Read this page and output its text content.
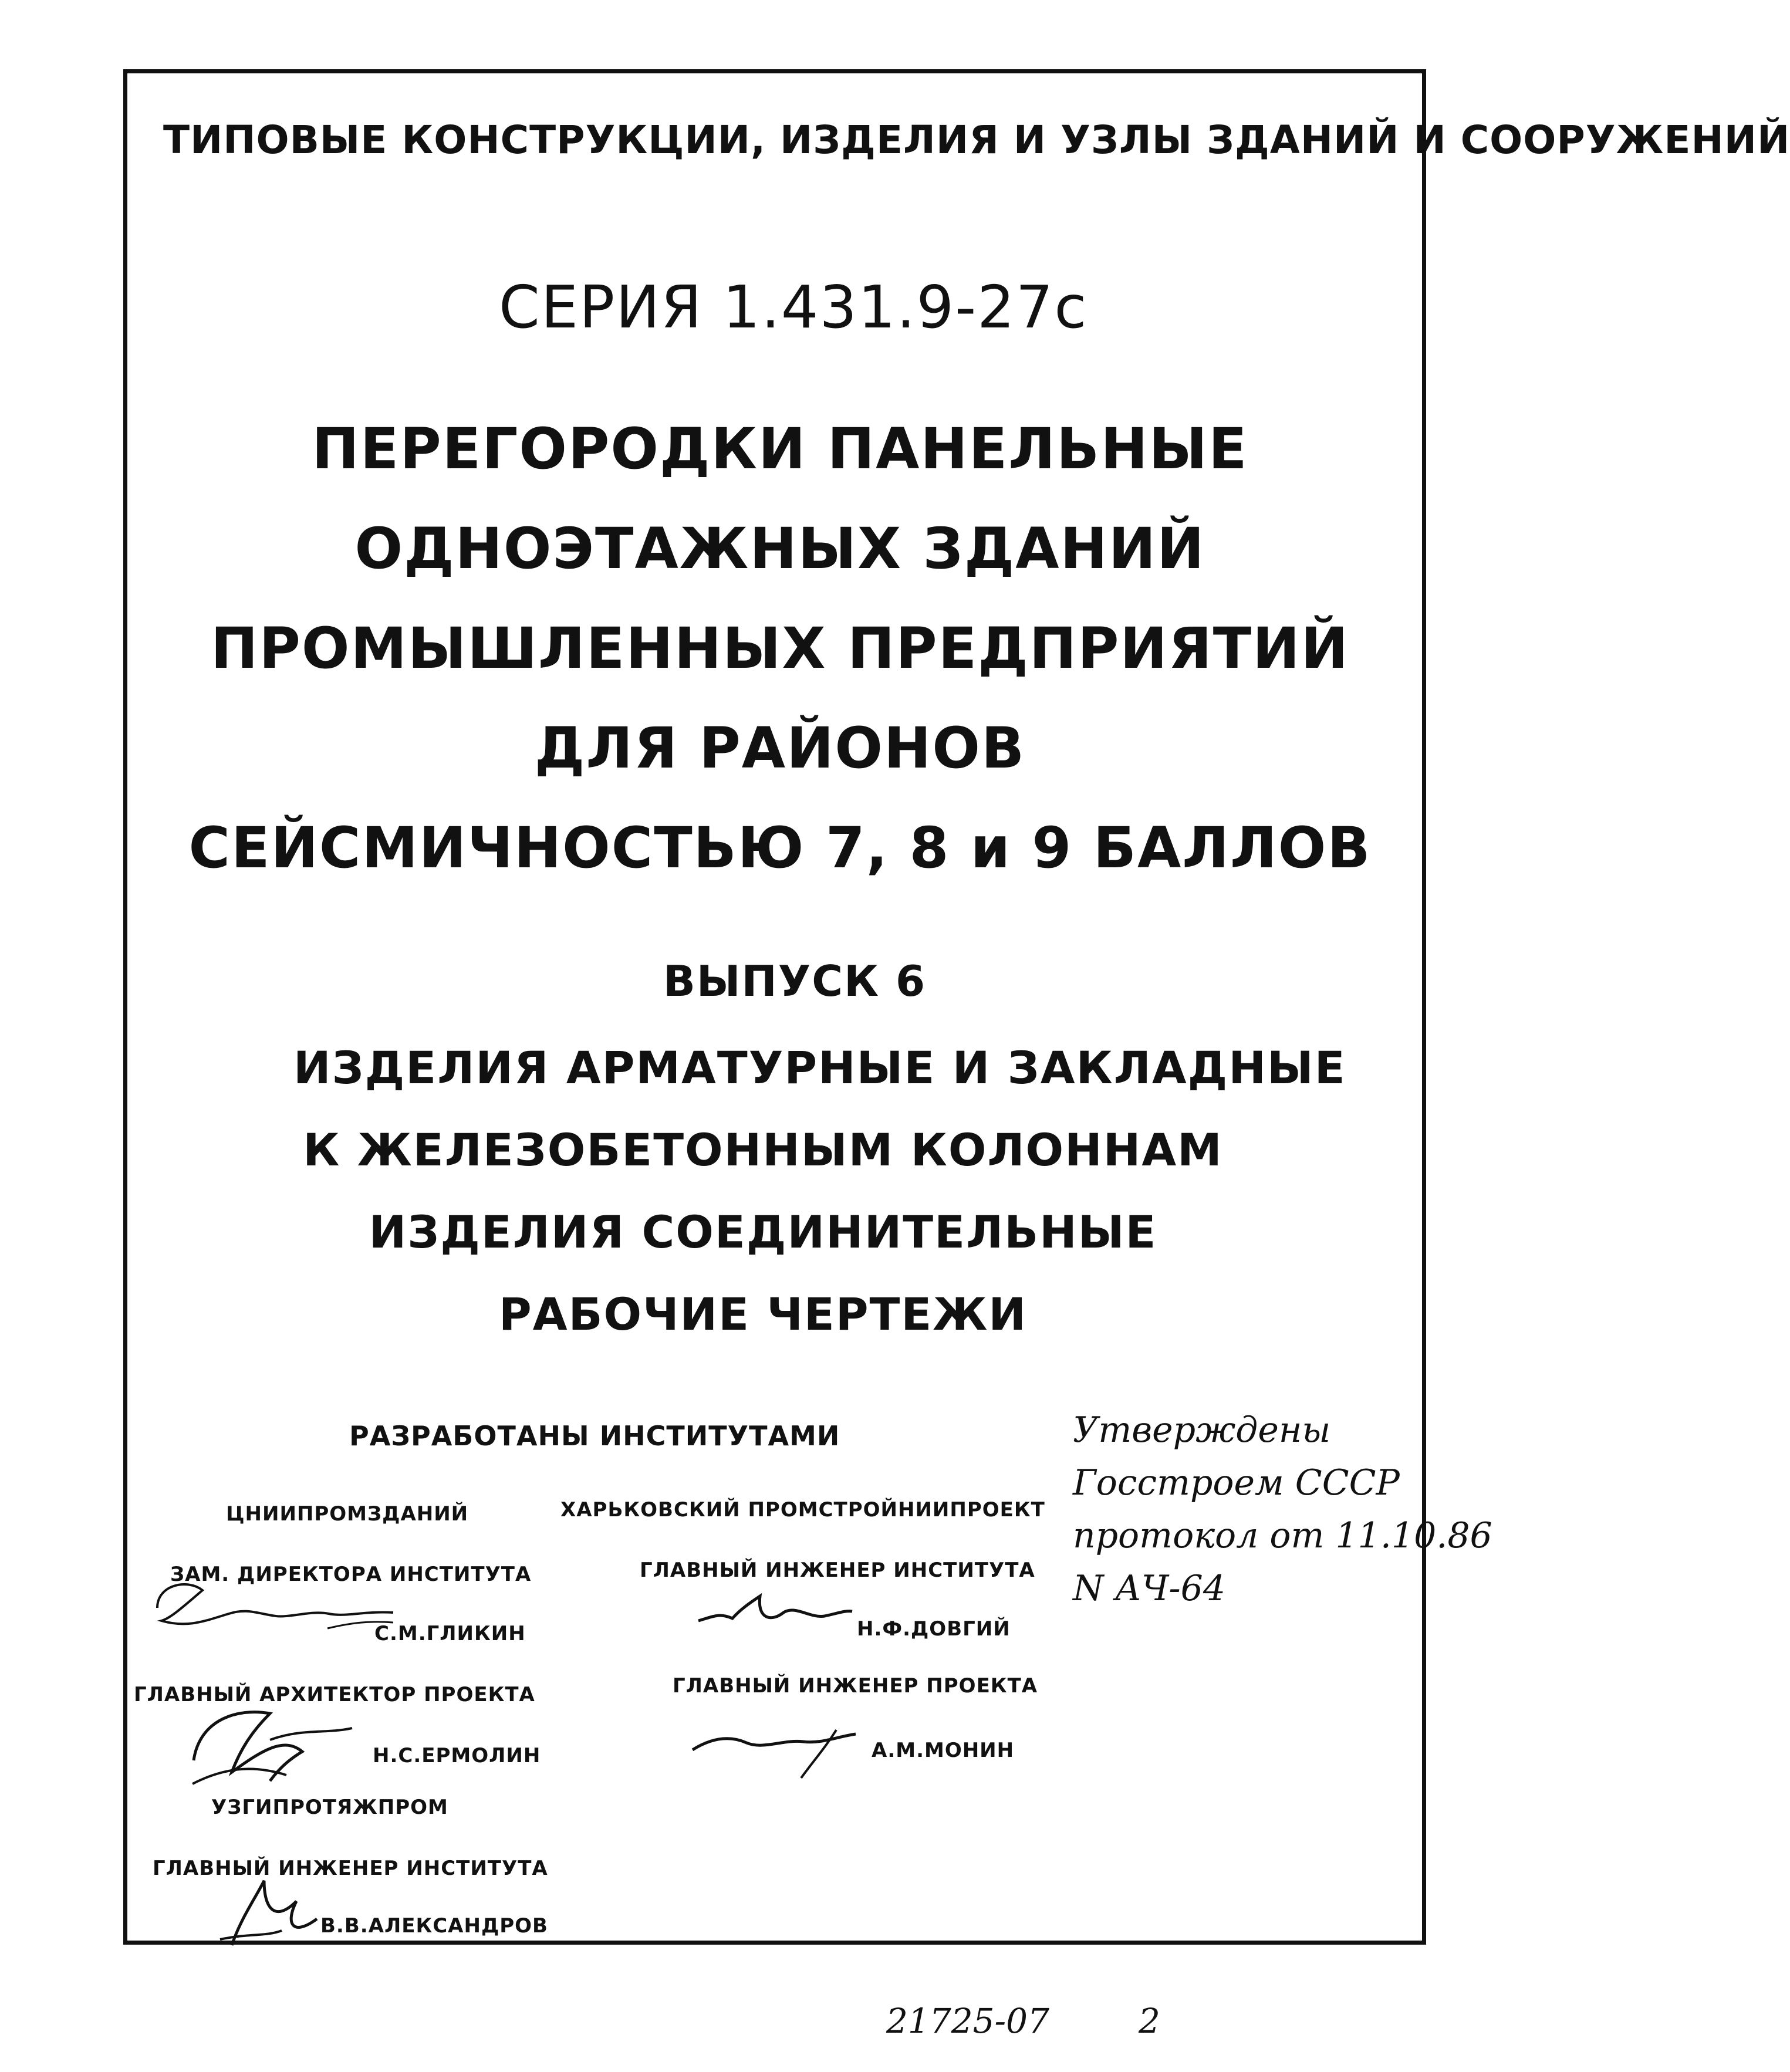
ТИПОВЫЕ КОНСТРУКЦИИ, ИЗДЕЛИЯ И УЗЛЫ ЗДАНИЙ И СООРУЖЕНИЙ
СЕРИЯ 1.431.9-27с
ПЕРЕГОРОДКИ ПАНЕЛЬНЫЕ
ОДНОЭТАЖНЫХ ЗДАНИЙ
ПРОМЫШЛЕННЫХ ПРЕДПРИЯТИЙ
ДЛЯ РАЙОНОВ
СЕЙСМИЧНОСТЬЮ 7, 8 и 9 БАЛЛОВ
ВЫПУСК 6
ИЗДЕЛИЯ АРМАТУРНЫЕ И ЗАКЛАДНЫЕ
К ЖЕЛЕЗОБЕТОННЫМ КОЛОННАМ
ИЗДЕЛИЯ СОЕДИНИТЕЛЬНЫЕ
РАБОЧИЕ ЧЕРТЕЖИ
РАЗРАБОТАНЫ ИНСТИТУТАМИ
ЦНИИПРОМЗДАНИЙ
ЗАМ. ДИРЕКТОРА ИНСТИТУТА
С.М.ГЛИКИН
ГЛАВНЫЙ АРХИТЕКТОР ПРОЕКТА
Н.С.ЕРМОЛИН
УЗГИПРОТЯЖПРОМ
ГЛАВНЫЙ ИНЖЕНЕР ИНСТИТУТА
В.В.АЛЕКСАНДРОВ
ХАРЬКОВСКИЙ ПРОМСТРОЙНИИПРОЕКТ
ГЛАВНЫЙ ИНЖЕНЕР ИНСТИТУТА
Н.Ф.ДОВГИЙ
ГЛАВНЫЙ ИНЖЕНЕР ПРОЕКТА
А.М.МОНИН
Утверждены
Госстроем СССР
протокол от 11.10.86
N АЧ-64
21725-07	2
